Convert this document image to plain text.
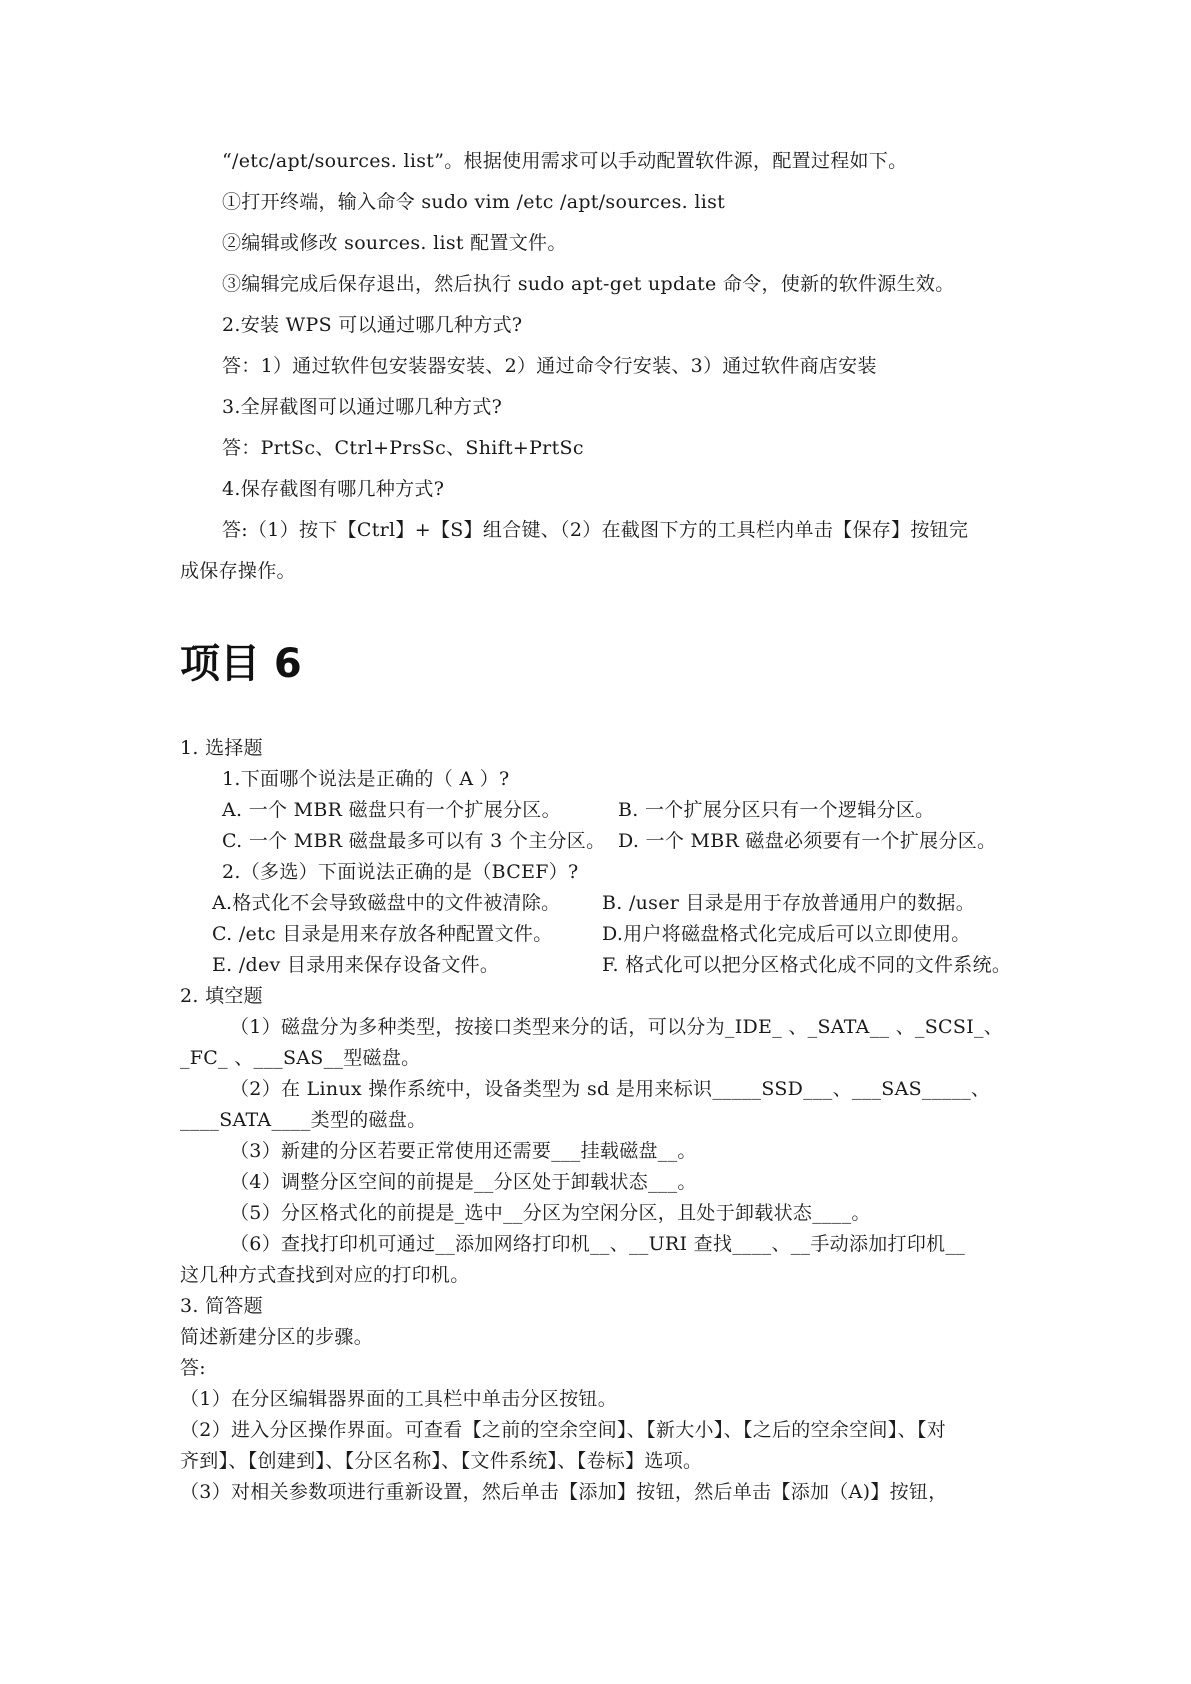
“/etc/apt/sources. list”。根据使用需求可以手动配置软件源，配置过程如下。
①打开终端，输入命令 sudo vim /etc /apt/sources. list
②编辑或修改 sources. list 配置文件。
③编辑完成后保存退出，然后执行 sudo apt-get update 命令，使新的软件源生效。
2.安装 WPS 可以通过哪几种方式?
答：1）通过软件包安装器安装、2）通过命令行安装、3）通过软件商店安装
3.全屏截图可以通过哪几种方式?
答：PrtSc、Ctrl+PrsSc、Shift+PrtSc
4.保存截图有哪几种方式?
答:（1）按下【Ctrl】+【S】组合键、（2）在截图下方的工具栏内单击【保存】按钮完
成保存操作。
项目 6
1. 选择题
1.下面哪个说法是正确的（ A ）?
A. 一个 MBR 磁盘只有一个扩展分区。	B. 一个扩展分区只有一个逻辑分区。
C. 一个 MBR 磁盘最多可以有 3 个主分区。 D. 一个 MBR 磁盘必须要有一个扩展分区。
2.（多选）下面说法正确的是（BCEF）?
A.格式化不会导致磁盘中的文件被清除。 B. /user 目录是用于存放普通用户的数据。
C. /etc 目录是用来存放各种配置文件。	D.用户将磁盘格式化完成后可以立即使用。
E. /dev 目录用来保存设备文件。	F. 格式化可以把分区格式化成不同的文件系统。
2. 填空题
（1）磁盘分为多种类型，按接口类型来分的话，可以分为_IDE_ 、_SATA__ 、_SCSI_、
_FC_ 、___SAS__型磁盘。
（2）在 Linux 操作系统中，设备类型为 sd 是用来标识_____SSD___、___SAS_____、
____SATA____类型的磁盘。
（3）新建的分区若要正常使用还需要___挂载磁盘__。
（4）调整分区空间的前提是__分区处于卸载状态___。
（5）分区格式化的前提是_选中__分区为空闲分区，且处于卸载状态____。
（6）查找打印机可通过__添加网络打印机__、__URI 查找____、__手动添加打印机__
这几种方式查找到对应的打印机。
3. 简答题
简述新建分区的步骤。
答:
（1）在分区编辑器界面的工具栏中单击分区按钮。
（2）进入分区操作界面。可查看【之前的空余空间】、【新大小】、【之后的空余空间】、【对
齐到】、【创建到】、【分区名称】、【文件系统】、【卷标】选项。
（3）对相关参数项进行重新设置，然后单击【添加】按钮，然后单击【添加（A)】按钮，
